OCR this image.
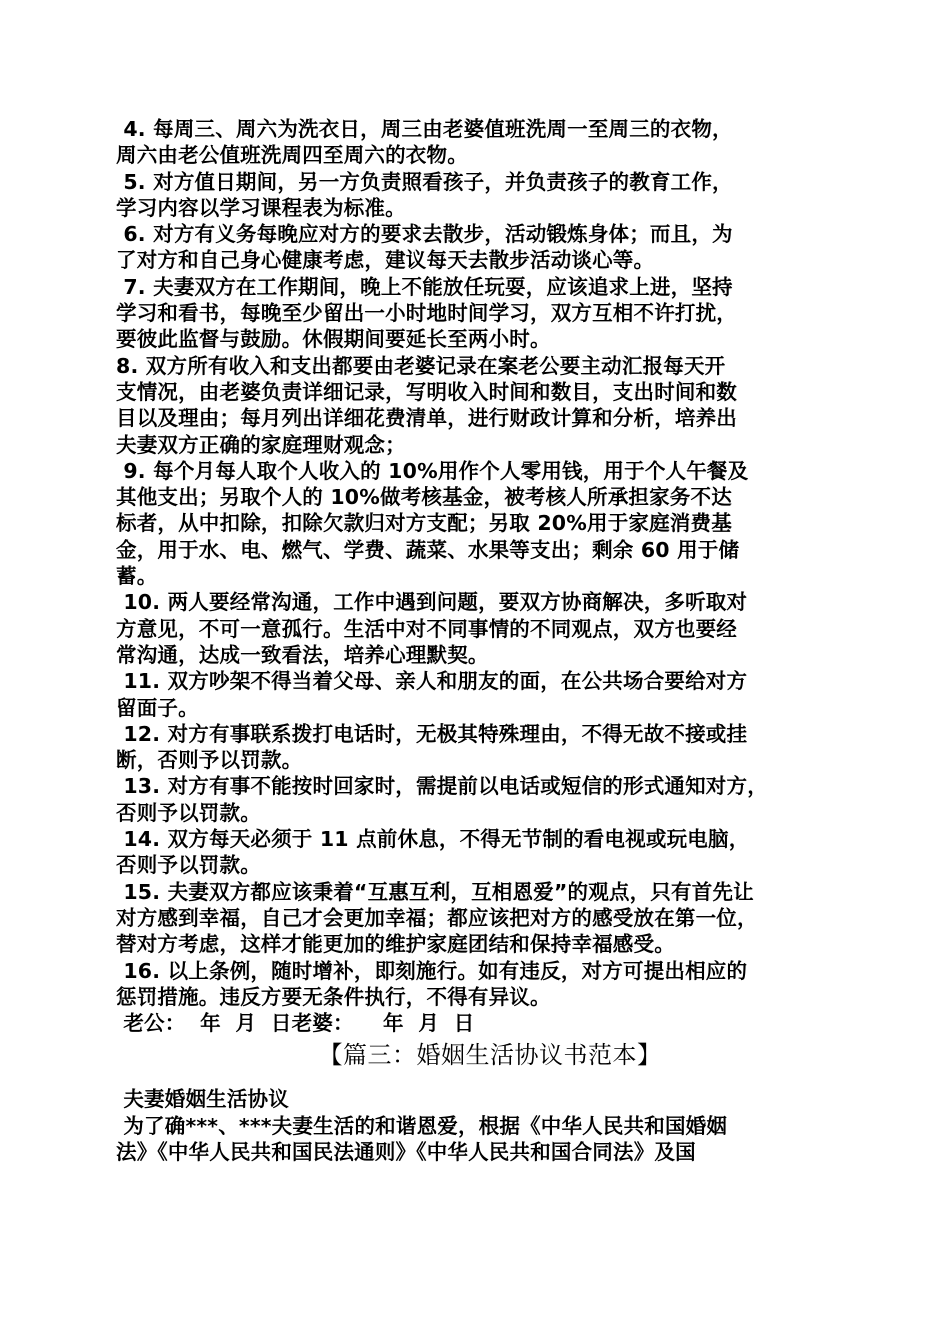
4. 每周三、周六为洗衣日，周三由老婆值班洗周一至周三的衣物，
周六由老公值班洗周四至周六的衣物。

5. 对方值日期间，另一方负责照看孩子，并负责孩子的教育工作，
学习内容以学习课程表为标准。

6. 对方有义务每晚应对方的要求去散步，活动锻炼身体；而且，为
了对方和自己身心健康考虑，建议每天去散步活动谈心等。

7. 夫妻双方在工作期间，晚上不能放任玩耍，应该追求上进，坚持
学习和看书，每晚至少留出一小时地时间学习，双方互相不许打扰，
要彼此监督与鼓励。休假期间要延长至两小时。

8. 双方所有收入和支出都要由老婆记录在案老公要主动汇报每天开
支情况，由老婆负责详细记录，写明收入时间和数目，支出时间和数
目以及理由；每月列出详细花费清单，进行财政计算和分析，培养出
夫妻双方正确的家庭理财观念；

9. 每个月每人取个人收入的 10%用作个人零用钱，用于个人午餐及
其他支出；另取个人的 10%做考核基金，被考核人所承担家务不达
标者，从中扣除，扣除欠款归对方支配；另取 20%用于家庭消费基
金，用于水、电、燃气、学费、蔬菜、水果等支出；剩余 60 用于储
蓄。

10. 两人要经常沟通，工作中遇到问题，要双方协商解决，多听取对
方意见，不可一意孤行。生活中对不同事情的不同观点，双方也要经
常沟通，达成一致看法，培养心理默契。

11. 双方吵架不得当着父母、亲人和朋友的面，在公共场合要给对方
留面子。

12. 对方有事联系拨打电话时，无极其特殊理由，不得无故不接或挂
断，否则予以罚款。

13. 对方有事不能按时回家时，需提前以电话或短信的形式通知对方，
否则予以罚款。

14. 双方每天必须于 11 点前休息，不得无节制的看电视或玩电脑，
否则予以罚款。

15. 夫妻双方都应该秉着“互惠互利，互相恩爱”的观点，只有首先让
对方感到幸福，自己才会更加幸福；都应该把对方的感受放在第一位，
替对方考虑，这样才能更加的维护家庭团结和保持幸福感受。

16. 以上条例，随时增补，即刻施行。如有违反，对方可提出相应的
惩罚措施。违反方要无条件执行，不得有异议。

老公：  年  月  日老婆：    年  月  日

【篇三：婚姻生活协议书范本】

夫妻婚姻生活协议

为了确***、***夫妻生活的和谐恩爱，根据《中华人民共和国婚姻
法》《中华人民共和国民法通则》《中华人民共和国合同法》及国
